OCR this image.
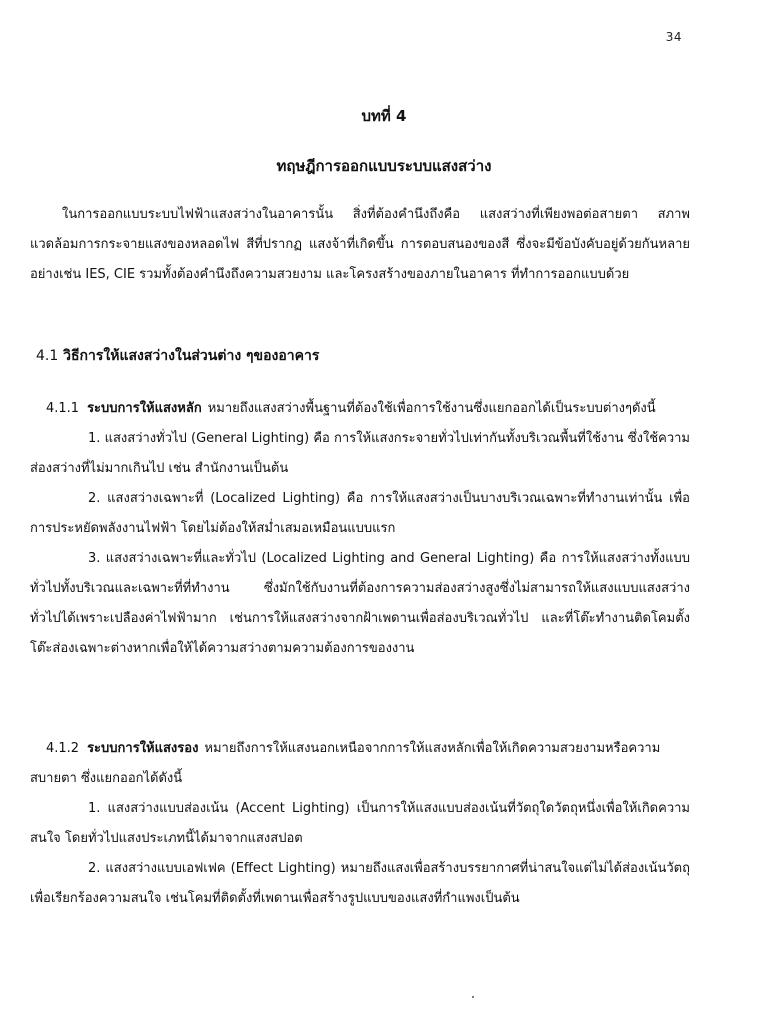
34
บทที่ 4
ทฤษฎีการออกแบบระบบแสงสว่าง

ในการออกแบบระบบไฟฟ้าแสงสว่างในอาคารนั้น สิ่งที่ต้องคำนึงถึงคือ แสงสว่างที่เพียงพอต่อสายตา สภาพแวดล้อมการกระจายแสงของหลอดไฟ สีที่ปรากฏ แสงจ้าที่เกิดขึ้น การตอบสนองของสี ซึ่งจะมีข้อบังคับอยู่ด้วยกันหลายอย่างเช่น IES, CIE รวมทั้งต้องคำนึงถึงความสวยงาม และโครงสร้างของภายในอาคาร ที่ทำการออกแบบด้วย

4.1 วิธีการให้แสงสว่างในส่วนต่าง ๆของอาคาร

4.1.1 ระบบการให้แสงหลัก หมายถึงแสงสว่างพื้นฐานที่ต้องใช้เพื่อการใช้งานซึ่งแยกออกได้เป็นระบบต่างๆดังนี้

1. แสงสว่างทั่วไป (General Lighting) คือ การให้แสงกระจายทั่วไปเท่ากันทั้งบริเวณพื้นที่ใช้งาน ซึ่งใช้ความส่องสว่างที่ไม่มากเกินไป เช่น สำนักงานเป็นต้น

2. แสงสว่างเฉพาะที่ (Localized Lighting) คือ การให้แสงสว่างเป็นบางบริเวณเฉพาะที่ทำงานเท่านั้น เพื่อการประหยัดพลังงานไฟฟ้า โดยไม่ต้องให้สม่ำเสมอเหมือนแบบแรก

3. แสงสว่างเฉพาะที่และทั่วไป (Localized Lighting and General Lighting) คือ การให้แสงสว่างทั้งแบบทั่วไปทั้งบริเวณและเฉพาะที่ที่ทำงาน ซึ่งมักใช้กับงานที่ต้องการความส่องสว่างสูงซึ่งไม่สามารถให้แสงแบบแสงสว่างทั่วไปได้เพราะเปลืองค่าไฟฟ้ามาก เช่นการให้แสงสว่างจากฝ้าเพดานเพื่อส่องบริเวณทั่วไป และที่โต๊ะทำงานติดโคมตั้งโต๊ะส่องเฉพาะต่างหากเพื่อให้ได้ความสว่างตามความต้องการของงาน

4.1.2 ระบบการให้แสงรอง หมายถึงการให้แสงนอกเหนือจากการให้แสงหลักเพื่อให้เกิดความสวยงามหรือความสบายตา ซึ่งแยกออกได้ดังนี้

1. แสงสว่างแบบส่องเน้น (Accent Lighting) เป็นการให้แสงแบบส่องเน้นที่วัตถุใดวัตถุหนึ่งเพื่อให้เกิดความสนใจ โดยทั่วไปแสงประเภทนี้ได้มาจากแสงสปอต

2. แสงสว่างแบบเอฟเฟค (Effect Lighting) หมายถึงแสงเพื่อสร้างบรรยากาศที่น่าสนใจแต่ไม่ได้ส่องเน้นวัตถุเพื่อเรียกร้องความสนใจ เช่นโคมที่ติดตั้งที่เพดานเพื่อสร้างรูปแบบของแสงที่กำแพงเป็นต้น
